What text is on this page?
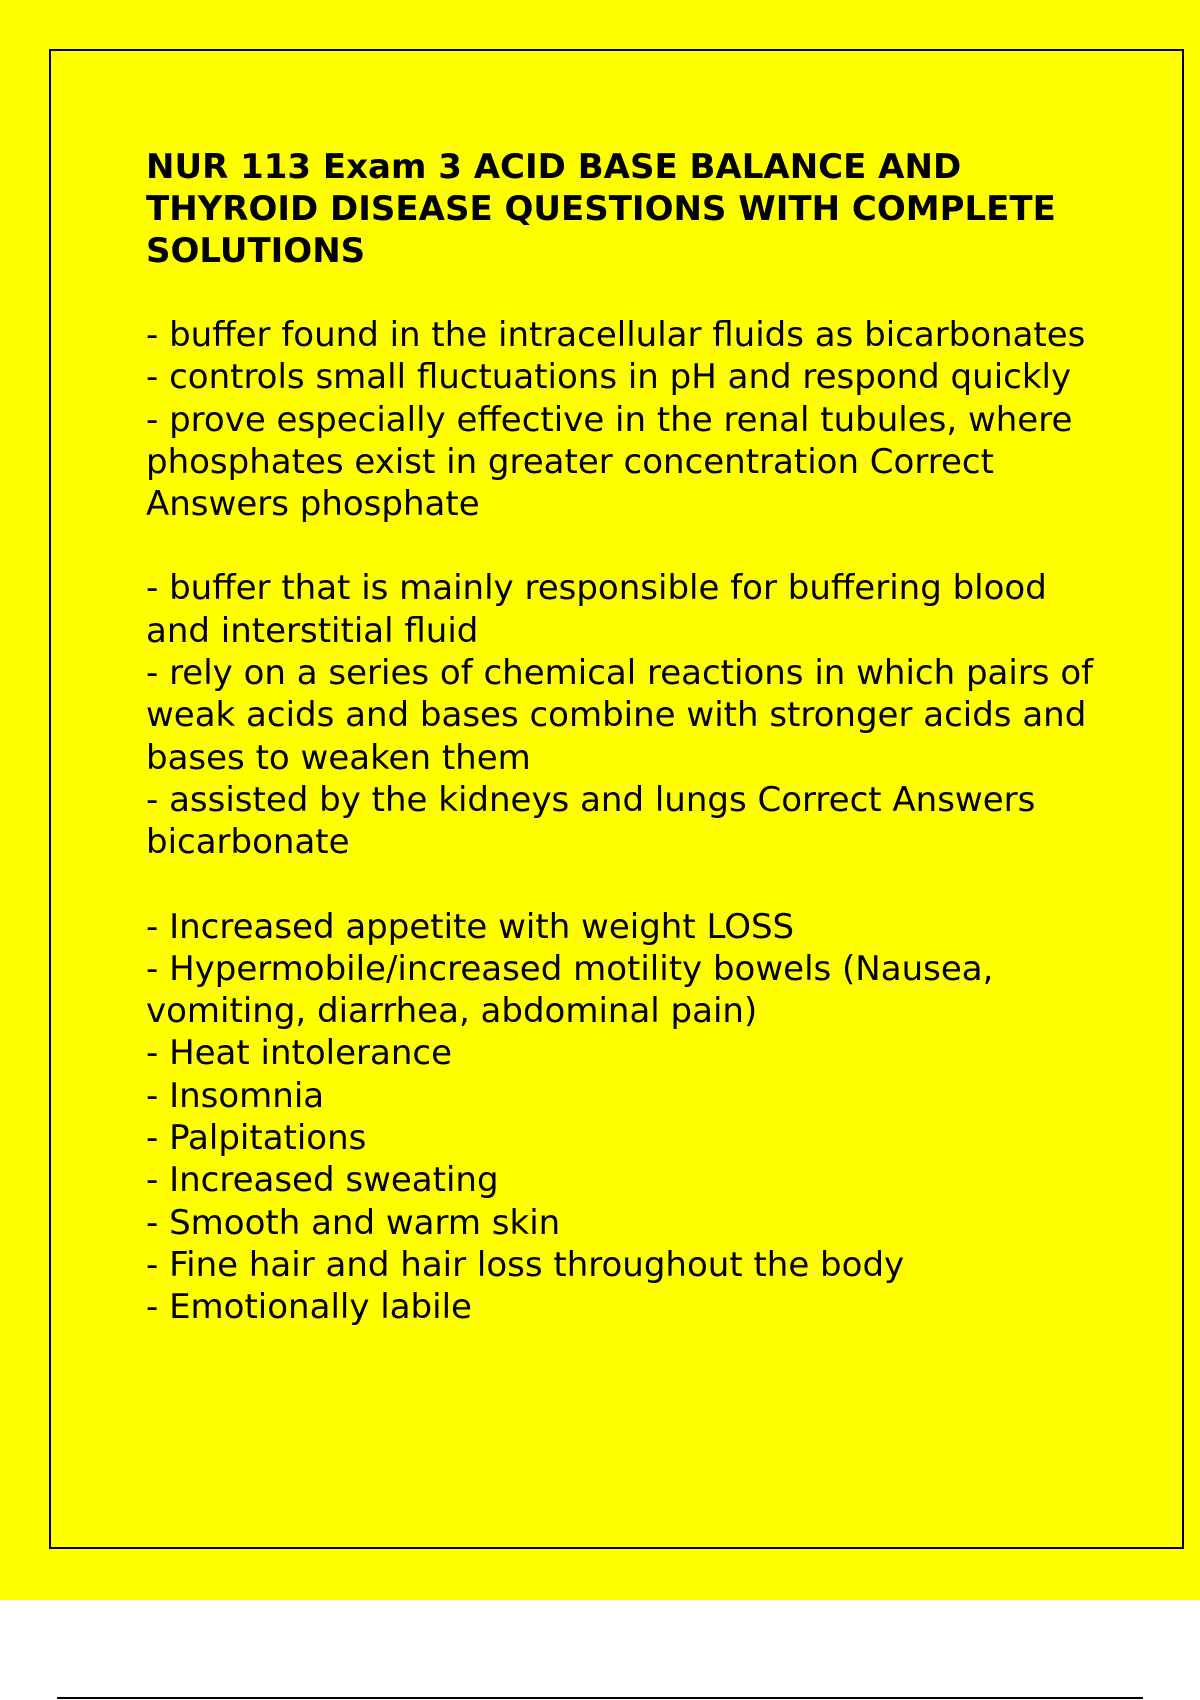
NUR 113 Exam 3 ACID BASE BALANCE AND THYROID DISEASE QUESTIONS WITH COMPLETE SOLUTIONS
- buffer found in the intracellular fluids as bicarbonates
- controls small fluctuations in pH and respond quickly
- prove especially effective in the renal tubules, where phosphates exist in greater concentration Correct Answers phosphate
- buffer that is mainly responsible for buffering blood and interstitial fluid
- rely on a series of chemical reactions in which pairs of weak acids and bases combine with stronger acids and bases to weaken them
- assisted by the kidneys and lungs Correct Answers bicarbonate
- Increased appetite with weight LOSS
- Hypermobile/increased motility bowels (Nausea, vomiting, diarrhea, abdominal pain)
- Heat intolerance
- Insomnia
- Palpitations
- Increased sweating
- Smooth and warm skin
- Fine hair and hair loss throughout the body
- Emotionally labile
